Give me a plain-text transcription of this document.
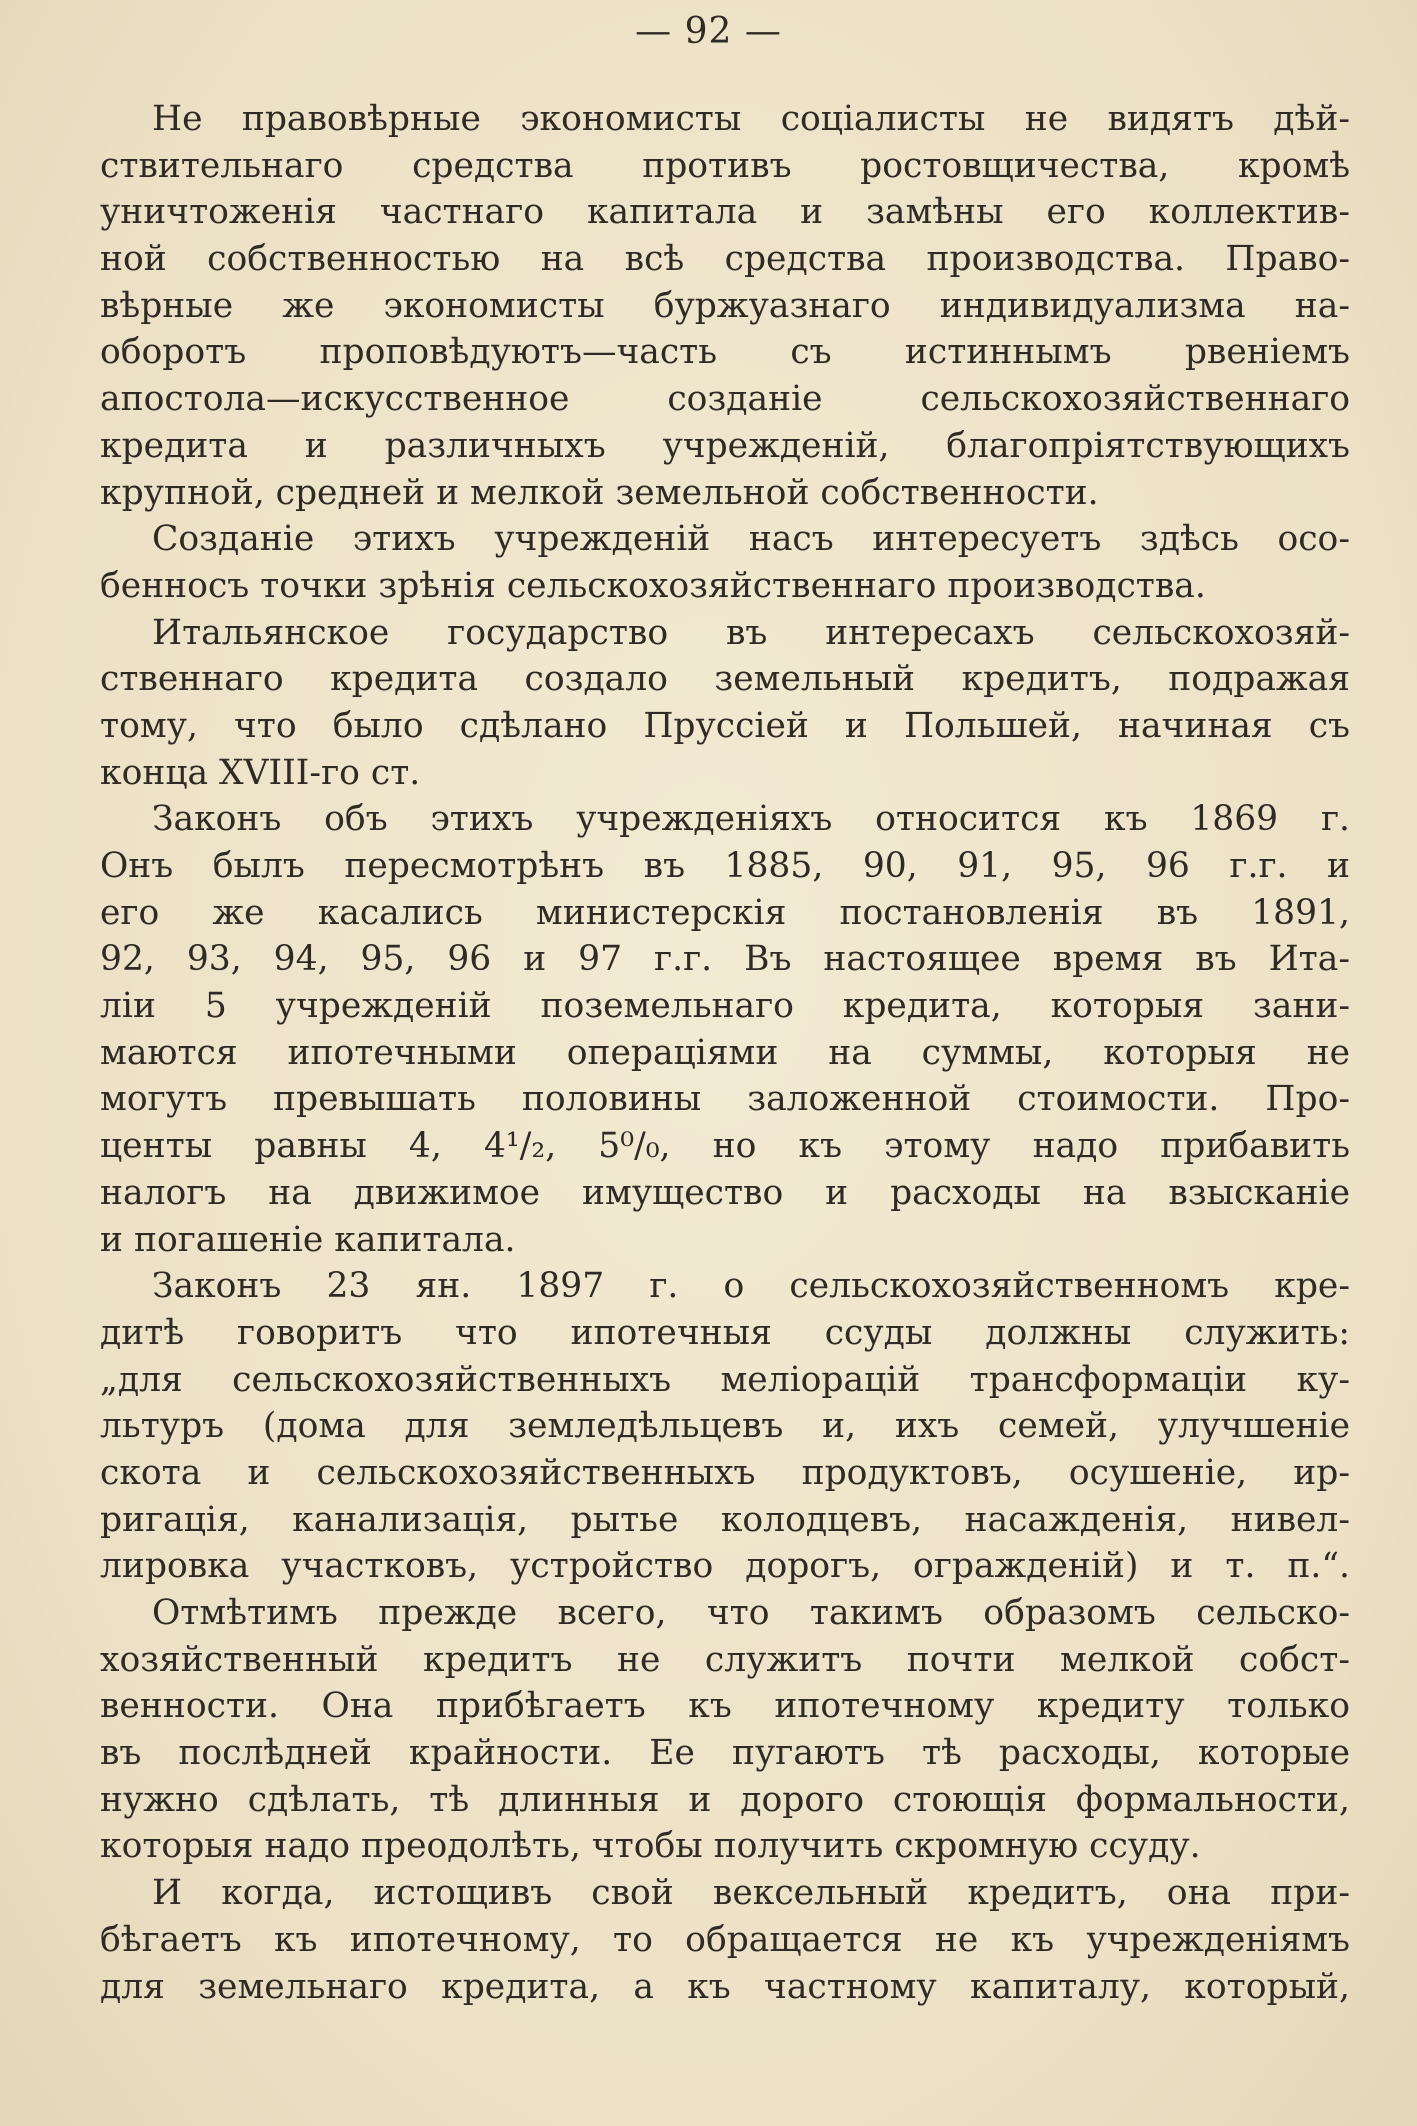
— 92 —
Не правовѣрные экономисты соціалисты не видятъ дѣй-
ствительнаго средства противъ ростовщичества, кромѣ
уничтоженія частнаго капитала и замѣны его коллектив-
ной собственностью на всѣ средства производства. Право-
вѣрные же экономисты буржуазнаго индивидуализма на-
оборотъ проповѣдуютъ—часть съ истиннымъ рвеніемъ
апостола—искусственное созданіе сельскохозяйственнаго
кредита и различныхъ учрежденій, благопріятствующихъ
крупной, средней и мелкой земельной собственности.
Созданіе этихъ учрежденій насъ интересуетъ здѣсь осо-
бенносъ точки зрѣнія сельскохозяйственнаго производства.
Итальянское государство въ интересахъ сельскохозяй-
ственнаго кредита создало земельный кредитъ, подражая
тому, что было сдѣлано Пруссіей и Польшей, начиная съ
конца XVIII-го ст.
Законъ объ этихъ учрежденіяхъ относится къ 1869 г.
Онъ былъ пересмотрѣнъ въ 1885, 90, 91, 95, 96 г.г. и
его же касались министерскія постановленія въ 1891,
92, 93, 94, 95, 96 и 97 г.г. Въ настоящее время въ Ита-
ліи 5 учрежденій поземельнаго кредита, которыя зани-
маются ипотечными операціями на суммы, которыя не
могутъ превышать половины заложенной стоимости. Про-
центы равны 4, 4¹/₂, 5⁰/₀, но къ этому надо прибавить
налогъ на движимое имущество и расходы на взысканіе
и погашеніе капитала.
Законъ 23 ян. 1897 г. о сельскохозяйственномъ кре-
дитѣ говоритъ что ипотечныя ссуды должны служить:
„для сельскохозяйственныхъ меліорацій трансформаціи ку-
льтуръ (дома для земледѣльцевъ и, ихъ семей, улучшеніе
скота и сельскохозяйственныхъ продуктовъ, осушеніе, ир-
ригація, канализація, рытье колодцевъ, насажденія, нивел-
лировка участковъ, устройство дорогъ, огражденій) и т. п.“.
Отмѣтимъ прежде всего, что такимъ образомъ сельско-
хозяйственный кредитъ не служитъ почти мелкой собст-
венности. Она прибѣгаетъ къ ипотечному кредиту только
въ послѣдней крайности. Ее пугаютъ тѣ расходы, которые
нужно сдѣлать, тѣ длинныя и дорого стоющія формальности,
которыя надо преодолѣть, чтобы получить скромную ссуду.
И когда, истощивъ свой вексельный кредитъ, она при-
бѣгаетъ къ ипотечному, то обращается не къ учрежденіямъ
для земельнаго кредита, а къ частному капиталу, который,
